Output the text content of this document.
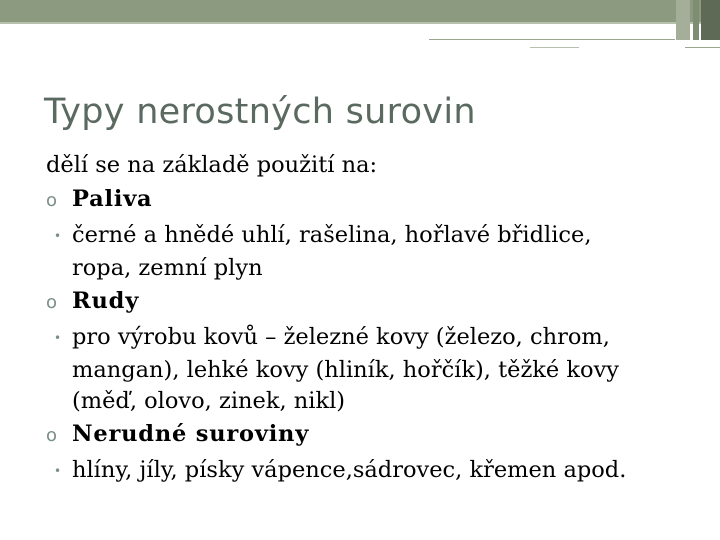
Typy nerostných surovin
dělí se na základě použití na:
o Paliva
• černé a hnědé uhlí, rašelina, hořlavé břidlice,
ropa, zemní plyn
o Rudy
• pro výrobu kovů – železné kovy (železo, chrom,
mangan), lehké kovy (hliník, hořčík), těžké kovy
(měď, olovo, zinek, nikl)
o Nerudné suroviny
• hlíny, jíly, písky vápence,sádrovec, křemen apod.
